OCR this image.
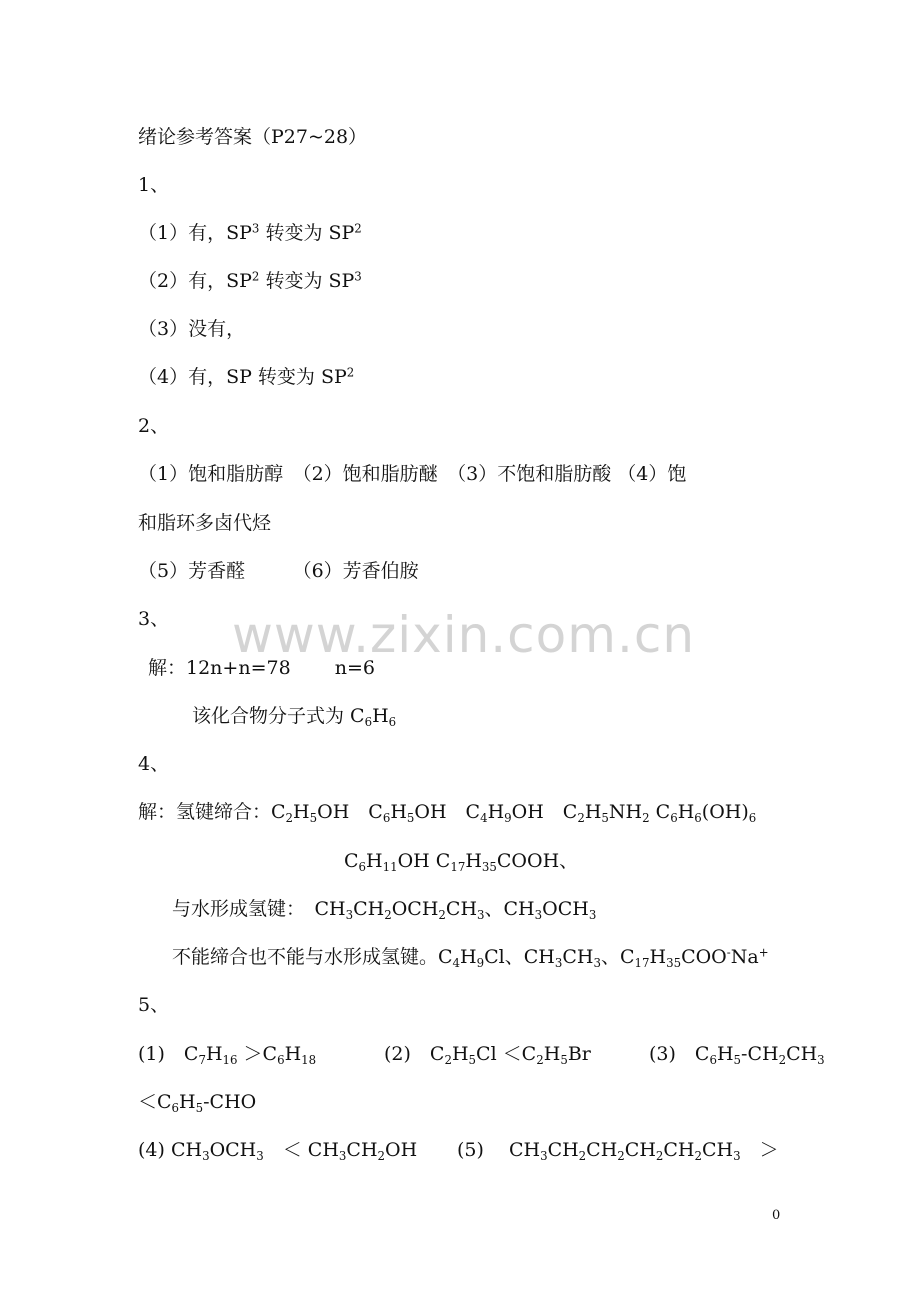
绪论参考答案（P27~28）
1、
（1）有，$SP^3$ 转变为 $SP^2$
（2）有，$SP^2$ 转变为 $SP^3$
（3）没有，
（4）有，SP 转变为 $SP^2$
2、
（1）饱和脂肪醇　（2）饱和脂肪醚　（3）不饱和脂肪酸 （4）饱
和脂环多卤代烃
（5）芳香醛　　　（6）芳香伯胺
3、
解：12n+n=78　　 n=6
该化合物分子式为 $C_6H_6$
4、
解：氢键缔合：$C_2H_5OH$　$C_6H_5OH$　$C_4H_9OH$　$C_2H_5NH_2$ $C_6H_6(OH)_6$
$C_6H_{11}OH$ $C_{17}H_{35}COOH$、
与水形成氢键：　$CH_3CH_2OCH_2CH_3$、$CH_3OCH_3$
不能缔合也不能与水形成氢键。$C_4H_9Cl$、$CH_3CH_3$、$C_{17}H_{35}COO^-Na^+$
5、
(1)　$C_7H_{16} >C_6H_{18}$	(2)　$C_2H_5Cl <C_2H_5Br$	(3)　$C_6H_5-CH_2CH_3$
$<C_6H_5$-CHO
(4) $CH_3OCH_3$　＜ $CH_3CH_2OH$ (5)　 $CH_3CH_2CH_2CH_2CH_2CH_3$　＞
www.zixin.com.cn
0
